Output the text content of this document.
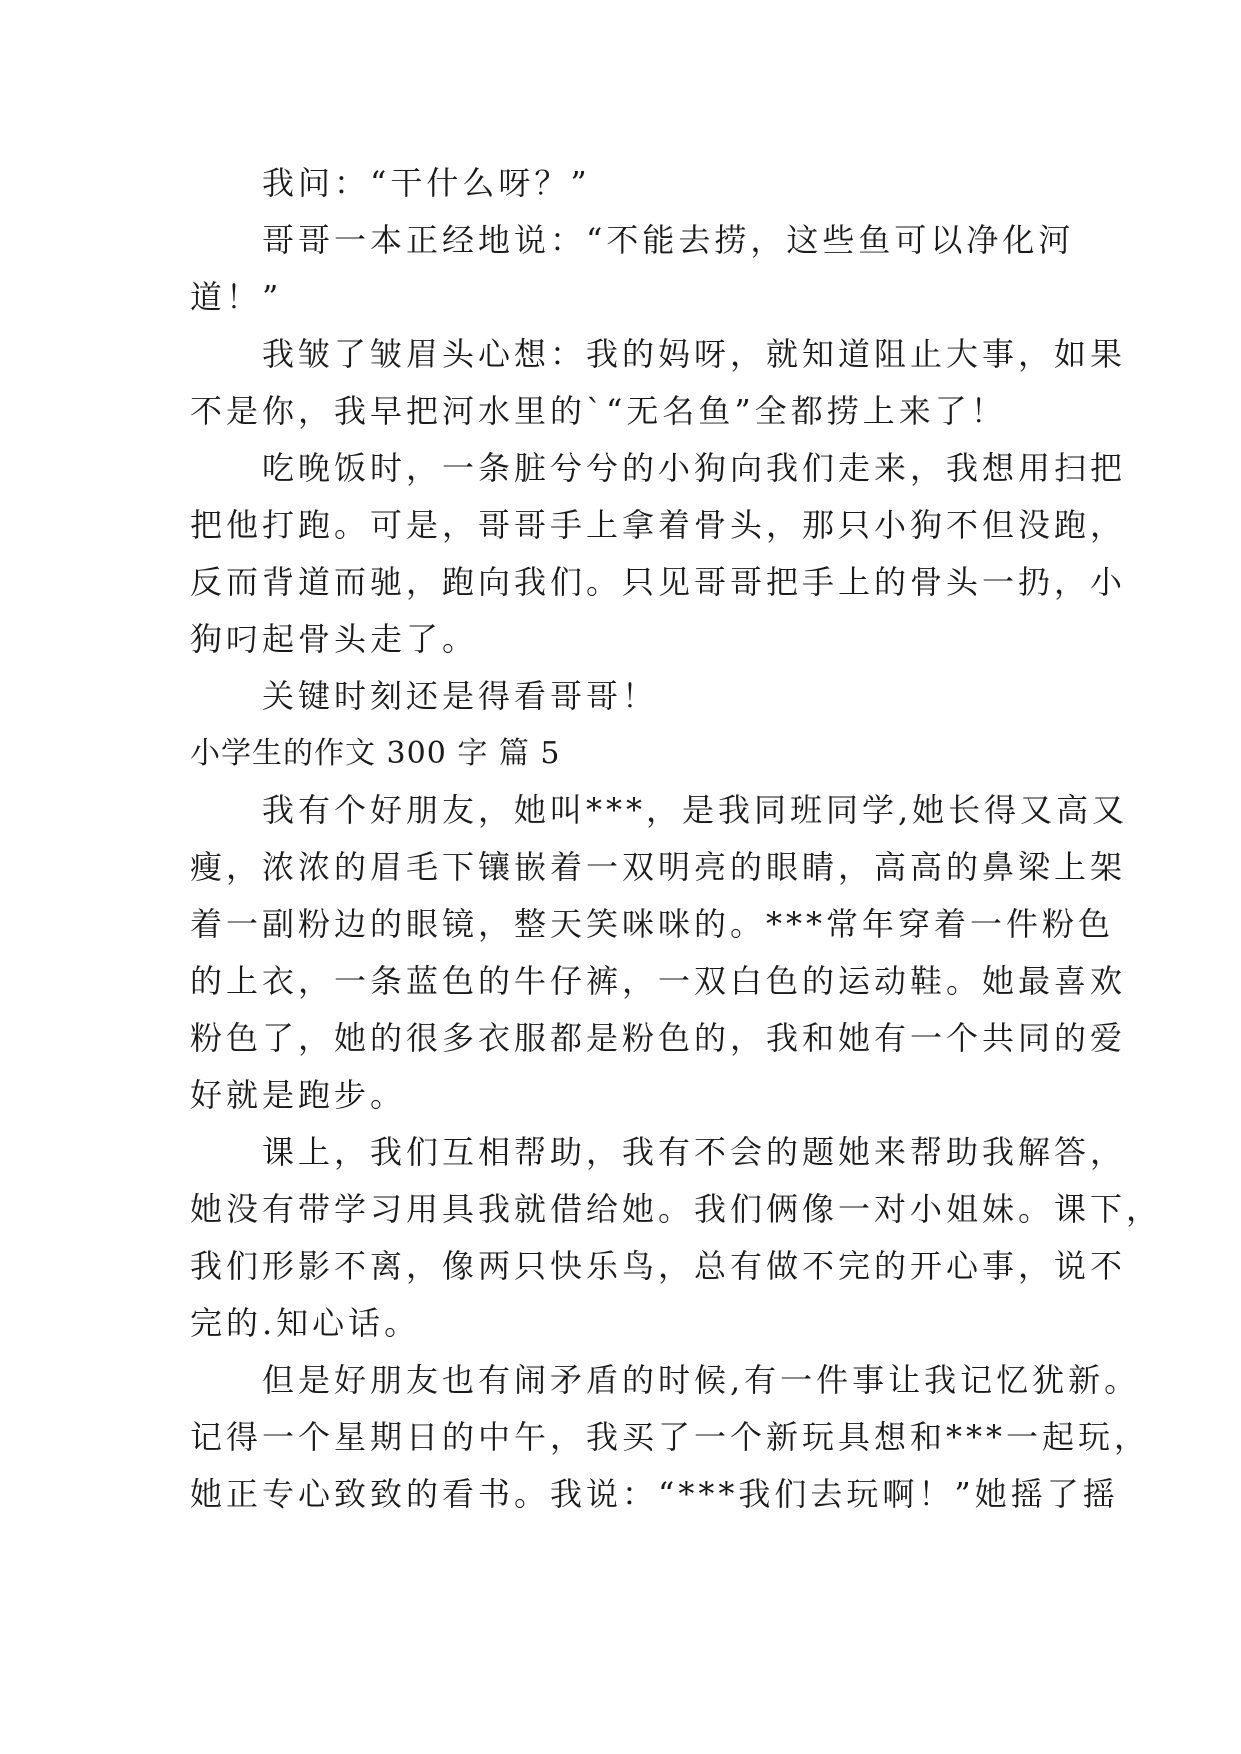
　　我问：“干什么呀？”

　　哥哥一本正经地说：“不能去捞，这些鱼可以净化河

道！”

　　我皱了皱眉头心想：我的妈呀，就知道阻止大事，如果

不是你，我早把河水里的`“无名鱼”全都捞上来了！

　　吃晚饭时，一条脏兮兮的小狗向我们走来，我想用扫把

把他打跑。可是，哥哥手上拿着骨头，那只小狗不但没跑，

反而背道而驰，跑向我们。只见哥哥把手上的骨头一扔，小

狗叼起骨头走了。

　　关键时刻还是得看哥哥！

小学生的作文 300 字 篇 5

　　我有个好朋友，她叫***，是我同班同学,她长得又高又

瘦，浓浓的眉毛下镶嵌着一双明亮的眼睛，高高的鼻梁上架

着一副粉边的眼镜，整天笑咪咪的。***常年穿着一件粉色

的上衣，一条蓝色的牛仔裤，一双白色的运动鞋。她最喜欢

粉色了，她的很多衣服都是粉色的，我和她有一个共同的爱

好就是跑步。

　　课上，我们互相帮助，我有不会的题她来帮助我解答，

她没有带学习用具我就借给她。我们俩像一对小姐妹。课下，

我们形影不离，像两只快乐鸟，总有做不完的开心事，说不

完的.知心话。

　　但是好朋友也有闹矛盾的时候,有一件事让我记忆犹新。

记得一个星期日的中午，我买了一个新玩具想和***一起玩，

她正专心致致的看书。我说：“***我们去玩啊！”她摇了摇
